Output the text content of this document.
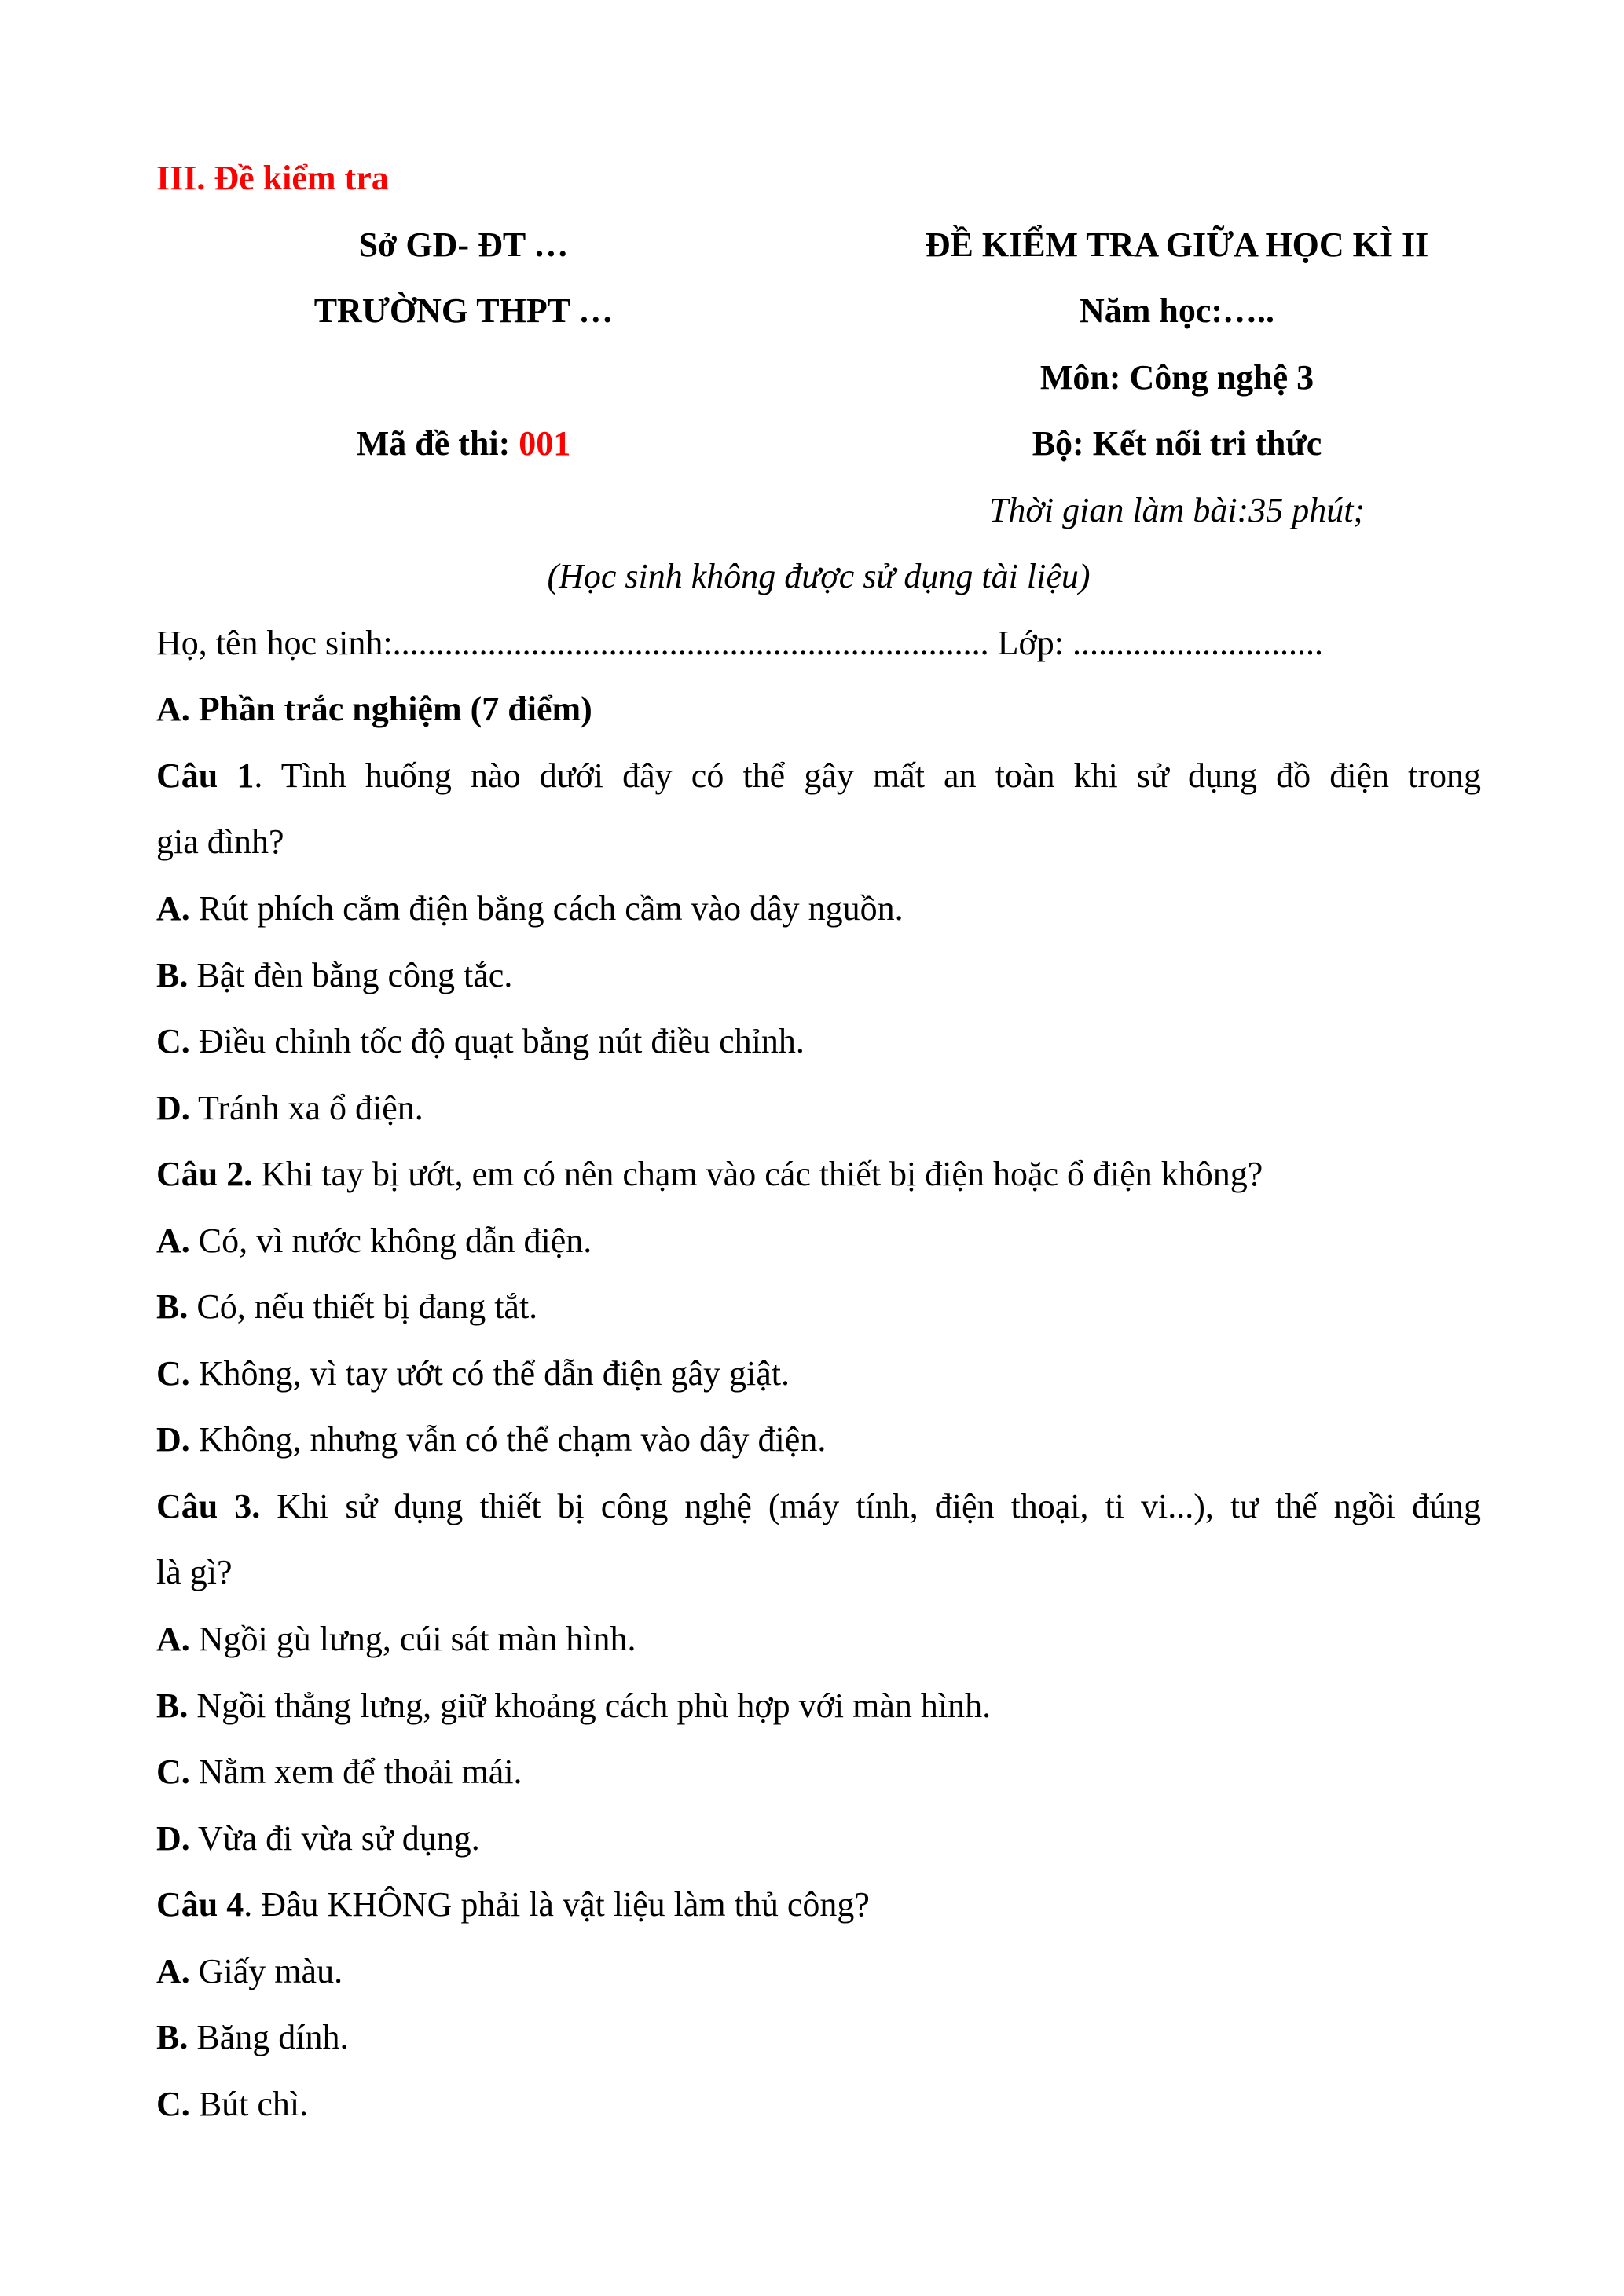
III. Đề kiểm tra
Sở GD- ĐT …	ĐỀ KIỂM TRA GIỮA HỌC KÌ II
TRƯỜNG THPT …	Năm học:…..
Môn: Công nghệ 3
Mã đề thi: 001	Bộ: Kết nối tri thức
Thời gian làm bài:35 phút;
(Học sinh không được sử dụng tài liệu)
Họ, tên học sinh:..................................................................... Lớp: .............................
A. Phần trắc nghiệm (7 điểm)
Câu 1. Tình huống nào dưới đây có thể gây mất an toàn khi sử dụng đồ điện trong
gia đình?
A. Rút phích cắm điện bằng cách cầm vào dây nguồn.
B. Bật đèn bằng công tắc.
C. Điều chỉnh tốc độ quạt bằng nút điều chỉnh.
D. Tránh xa ổ điện.
Câu 2. Khi tay bị ướt, em có nên chạm vào các thiết bị điện hoặc ổ điện không?
A. Có, vì nước không dẫn điện.
B. Có, nếu thiết bị đang tắt.
C. Không, vì tay ướt có thể dẫn điện gây giật.
D. Không, nhưng vẫn có thể chạm vào dây điện.
Câu 3. Khi sử dụng thiết bị công nghệ (máy tính, điện thoại, ti vi...), tư thế ngồi đúng
là gì?
A. Ngồi gù lưng, cúi sát màn hình.
B. Ngồi thẳng lưng, giữ khoảng cách phù hợp với màn hình.
C. Nằm xem để thoải mái.
D. Vừa đi vừa sử dụng.
Câu 4. Đâu KHÔNG phải là vật liệu làm thủ công?
A. Giấy màu.
B. Băng dính.
C. Bút chì.
